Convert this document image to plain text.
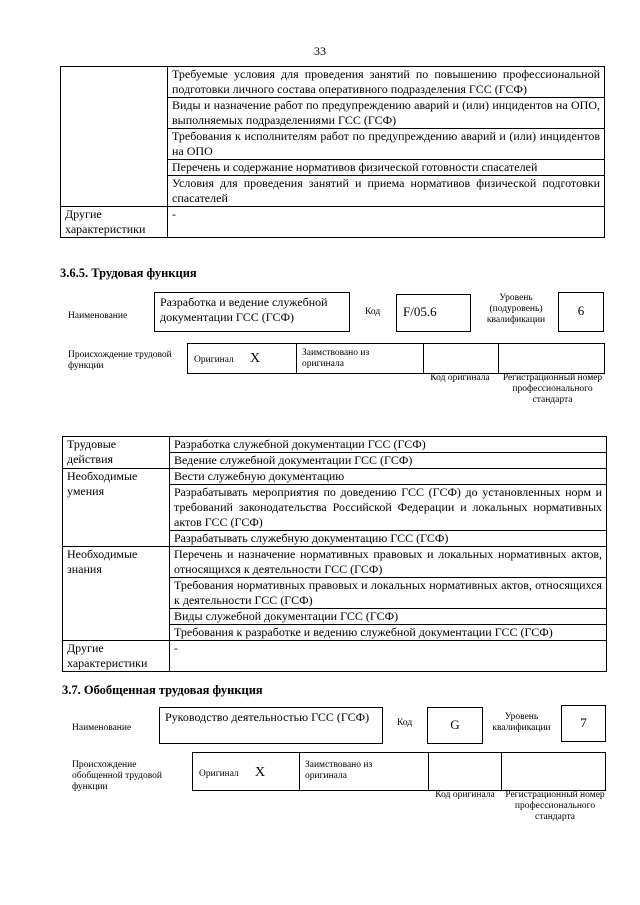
33
	Требуемые условия для проведения занятий по повышению профессиональной подготовки личного состава оперативного подразделения ГСС (ГСФ)
	Виды и назначение работ по предупреждению аварий и (или) инцидентов на ОПО, выполняемых подразделениями ГСС (ГСФ)
	Требования к исполнителям работ по предупреждению аварий и (или) инцидентов на ОПО
	Перечень и содержание нормативов физической готовности спасателей
	Условия для проведения занятий и приема нормативов физической подготовки спасателей
Другие характеристики	-
3.6.5. Трудовая функция
Наименование
Разработка и ведение служебной документации ГСС (ГСФ)	Код	F/05.6
Уровень (подуровень) квалификации
6
Происхождение трудовой функции
Оригинал X	Заимствовано из оригинала
Код оригинала Регистрационный номер профессионального стандарта
Трудовые действия	Разработка служебной документации ГСС (ГСФ)
	Ведение служебной документации ГСС (ГСФ)
Необходимые умения	Вести служебную документацию
	Разрабатывать мероприятия по доведению ГСС (ГСФ) до установленных норм и требований законодательства Российской Федерации и локальных нормативных актов ГСС (ГСФ)
	Разрабатывать служебную документацию ГСС (ГСФ)
Необходимые знания	Перечень и назначение нормативных правовых и локальных нормативных актов, относящихся к деятельности ГСС (ГСФ)
	Требования нормативных правовых и локальных нормативных актов, относящихся к деятельности ГСС (ГСФ)
	Виды служебной документации ГСС (ГСФ)
	Требования к разработке и ведению служебной документации ГСС (ГСФ)
Другие характеристики	-
3.7. Обобщенная трудовая функция
Наименование
Руководство деятельностью ГСС (ГСФ)	Код	G	Уровень квалификации	7
Происхождение обобщенной трудовой функции
Оригинал X	Заимствовано из оригинала
Код оригинала Регистрационный номер профессионального стандарта
